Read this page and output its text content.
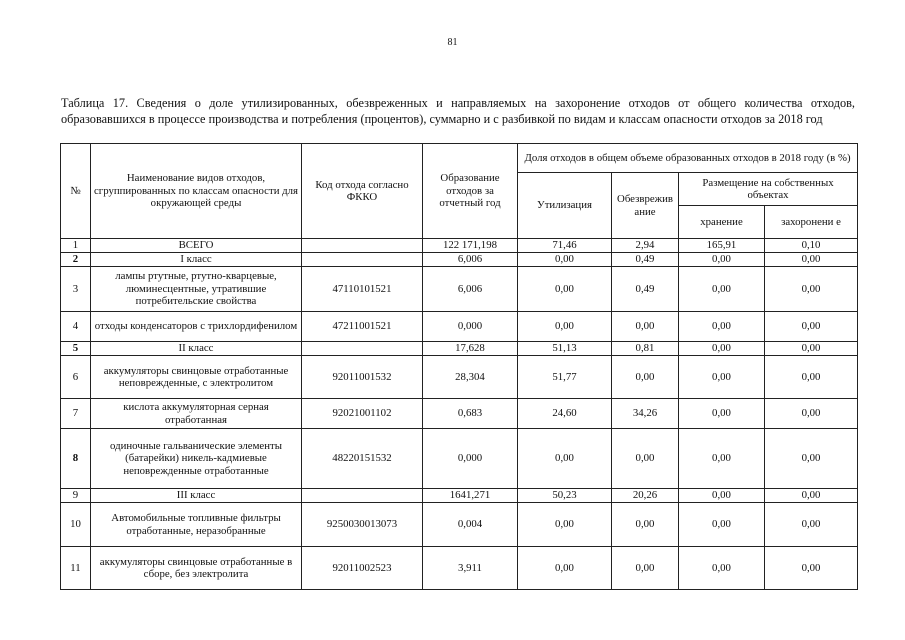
81
Таблица 17. Сведения о доле утилизированных, обезвреженных и направляемых на захоронение отходов от общего количества отходов, образовавшихся в процессе производства и потребления (процентов), суммарно и с разбивкой по видам и классам опасности отходов за 2018 год
№	Наименование видов отходов, сгруппированных по классам опасности для окружающей среды	Код отхода согласно ФККО	Образование отходов за отчетный год	Доля отходов в общем объеме образованных отходов в 2018 году (в %)			
				Утилизация	Обезврежив ание	Размещение на собственных объектах	
						хранение	захоронени е
1	ВСЕГО		122 171,198	71,46	2,94	165,91	0,10
2	I класс		6,006	0,00	0,49	0,00	0,00
3	лампы ртутные, ртутно-кварцевые, люминесцентные, утратившие потребительские свойства	47110101521	6,006	0,00	0,49	0,00	0,00
4	отходы конденсаторов с трихлордифенилом	47211001521	0,000	0,00	0,00	0,00	0,00
5	II класс		17,628	51,13	0,81	0,00	0,00
6	аккумуляторы свинцовые отработанные неповрежденные, с электролитом	92011001532	28,304	51,77	0,00	0,00	0,00
7	кислота аккумуляторная серная отработанная	92021001102	0,683	24,60	34,26	0,00	0,00
8	одиночные гальванические элементы (батарейки) никель-кадмиевые неповрежденные отработанные	48220151532	0,000	0,00	0,00	0,00	0,00
9	III класс		1641,271	50,23	20,26	0,00	0,00
10	Автомобильные топливные фильтры отработанные, неразобранные	9250030013073	0,004	0,00	0,00	0,00	0,00
11	аккумуляторы свинцовые отработанные в сборе, без электролита	92011002523	3,911	0,00	0,00	0,00	0,00
